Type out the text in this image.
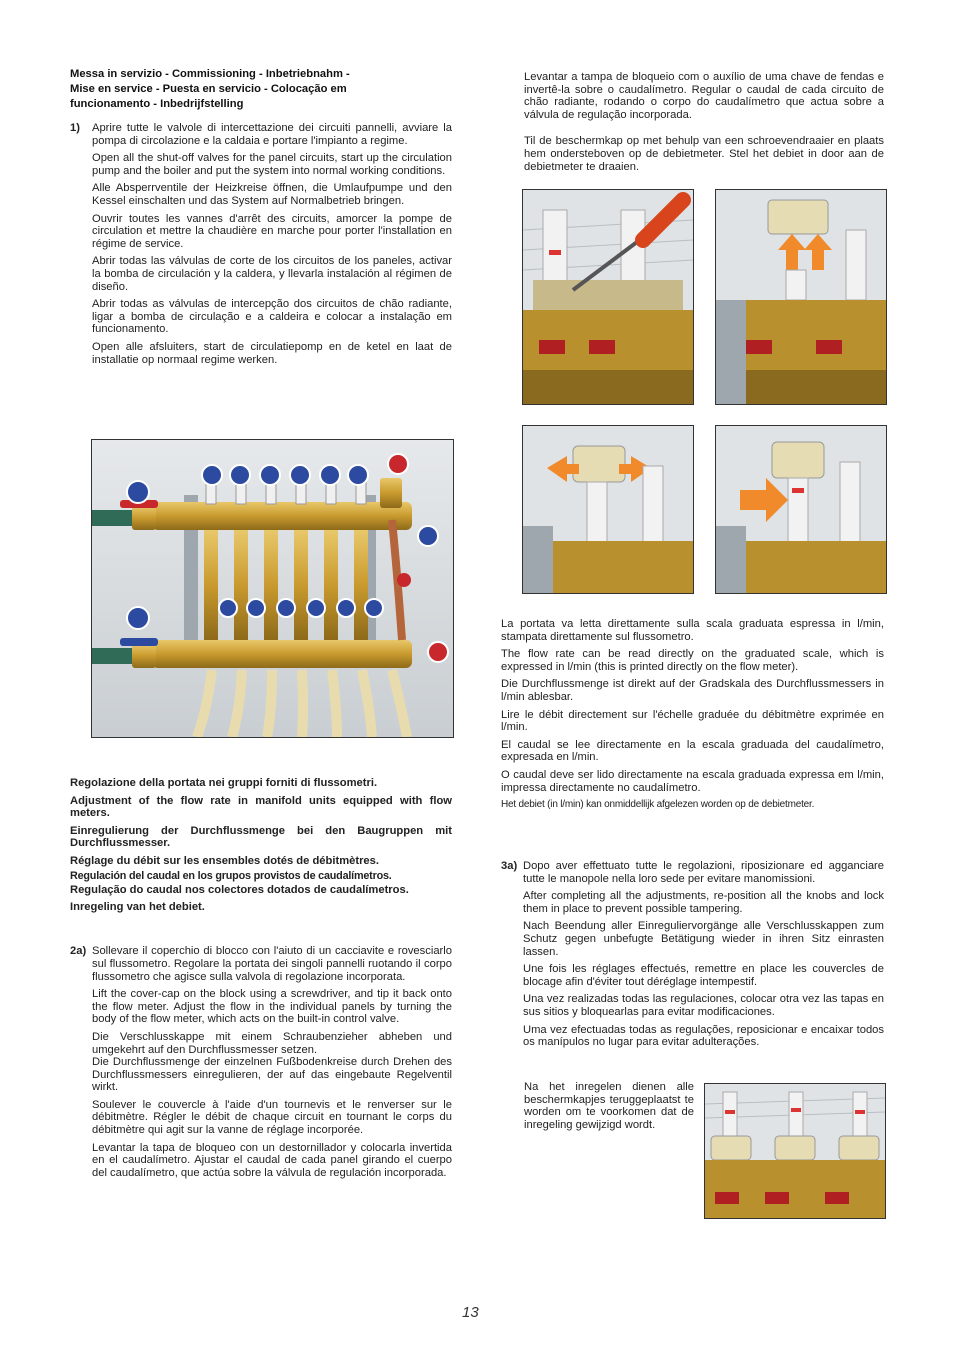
Messa in servizio - Commissioning - Inbetriebnahm -
Mise en service - Puesta en servicio - Colocação em
funcionamento - Inbedrijfstelling
1) Aprire tutte le valvole di intercettazione dei circuiti pannelli, avviare la pompa di circolazione e la caldaia e portare l'impianto a regime.

Open all the shut-off valves for the panel circuits, start up the circulation pump and the boiler and put the system into normal working conditions.

Alle Absperrventile der Heizkreise öffnen, die Umlaufpumpe und den Kessel einschalten und das System auf Normalbetrieb bringen.

Ouvrir toutes les vannes d'arrêt des circuits, amorcer la pompe de circulation et mettre la chaudière en marche pour porter l'installation en régime de service.

Abrir todas las válvulas de corte de los circuitos de los paneles, activar la bomba de circulación y la caldera, y llevarla instalación al régimen de diseño.

Abrir todas as válvulas de intercepção dos circuitos de chão radiante, ligar a bomba de circulação e a caldeira e colocar a instalação em funcionamento.

Open alle afsluiters, start de circulatiepomp en de ketel en laat de installatie op normaal regime werken.

Regolazione della portata nei gruppi forniti di flussometri.

Adjustment of the flow rate in manifold units equipped with flow meters.

Einregulierung der Durchflussmenge bei den Baugruppen mit Durchflussmesser.

Réglage du débit sur les ensembles dotés de débitmètres.

Regulación del caudal en los grupos provistos de caudalímetros.

Regulação do caudal nos colectores dotados de caudalímetros.

Inregeling van het debiet.

2a) Sollevare il coperchio di blocco con l'aiuto di un cacciavite e rovesciarlo sul flussometro. Regolare la portata dei singoli pannelli ruotando il corpo flussometro che agisce sulla valvola di regolazione incorporata.

Lift the cover-cap on the block using a screwdriver, and tip it back onto the flow meter. Adjust the flow in the individual panels by turning the body of the flow meter, which acts on the built-in control valve.

Die Verschlusskappe mit einem Schraubenzieher abheben und umgekehrt auf den Durchflussmesser setzen.

Die Durchflussmenge der einzelnen Fußbodenkreise durch Drehen des Durchflussmessers einregulieren, der auf das eingebaute Regelventil wirkt.

Soulever le couvercle à l'aide d'un tournevis et le renverser sur le débitmètre. Régler le débit de chaque circuit en tournant le corps du débitmètre qui agit sur la vanne de réglage incorporée.

Levantar la tapa de bloqueo con un destornillador y colocarla invertida en el caudalímetro. Ajustar el caudal de cada panel girando el cuerpo del caudalímetro, que actúa sobre la válvula de regulación incorporada.

Levantar a tampa de bloqueio com o auxílio de uma chave de fendas e invertê-la sobre o caudalímetro. Regular o caudal de cada circuito de chão radiante, rodando o corpo do caudalímetro que actua sobre a válvula de regulação incorporada.

Til de beschermkap op met behulp van een schroevendraaier en plaats hem ondersteboven op de debietmeter. Stel het debiet in door aan de debietmeter te draaien.

La portata va letta direttamente sulla scala graduata espressa in l/min, stampata direttamente sul flussometro.

The flow rate can be read directly on the graduated scale, which is expressed in l/min (this is printed directly on the flow meter).

Die Durchflussmenge ist direkt auf der Gradskala des Durchflussmessers in l/min ablesbar.

Lire le débit directement sur l'échelle graduée du débitmètre exprimée en l/min.

El caudal se lee directamente en la escala graduada del caudalímetro, expresada en l/min.

O caudal deve ser lido directamente na escala graduada expressa em l/min, impressa directamente no caudalímetro.

Het debiet (in l/min) kan onmiddellijk afgelezen worden op de debietmeter.

3a) Dopo aver effettuato tutte le regolazioni, riposizionare ed agganciare tutte le manopole nella loro sede per evitare manomissioni.

After completing all the adjustments, re-position all the knobs and lock them in place to prevent possible tampering.

Nach Beendung aller Einreguliervorgänge alle Verschlusskappen zum Schutz gegen unbefugte Betätigung wieder in ihren Sitz einrasten lassen.

Une fois les réglages effectués, remettre en place les couvercles de blocage afin d'éviter tout déréglage intempestif.

Una vez realizadas todas las regulaciones, colocar otra vez las tapas en sus sitios y bloquearlas para evitar modificaciones.

Uma vez efectuadas todas as regulações, reposicionar e encaixar todos os manípulos no lugar para evitar adulterações.

Na het inregelen dienen alle beschermkapjes teruggeplaatst te worden om te voorkomen dat de inregeling gewijzigd wordt.

13
